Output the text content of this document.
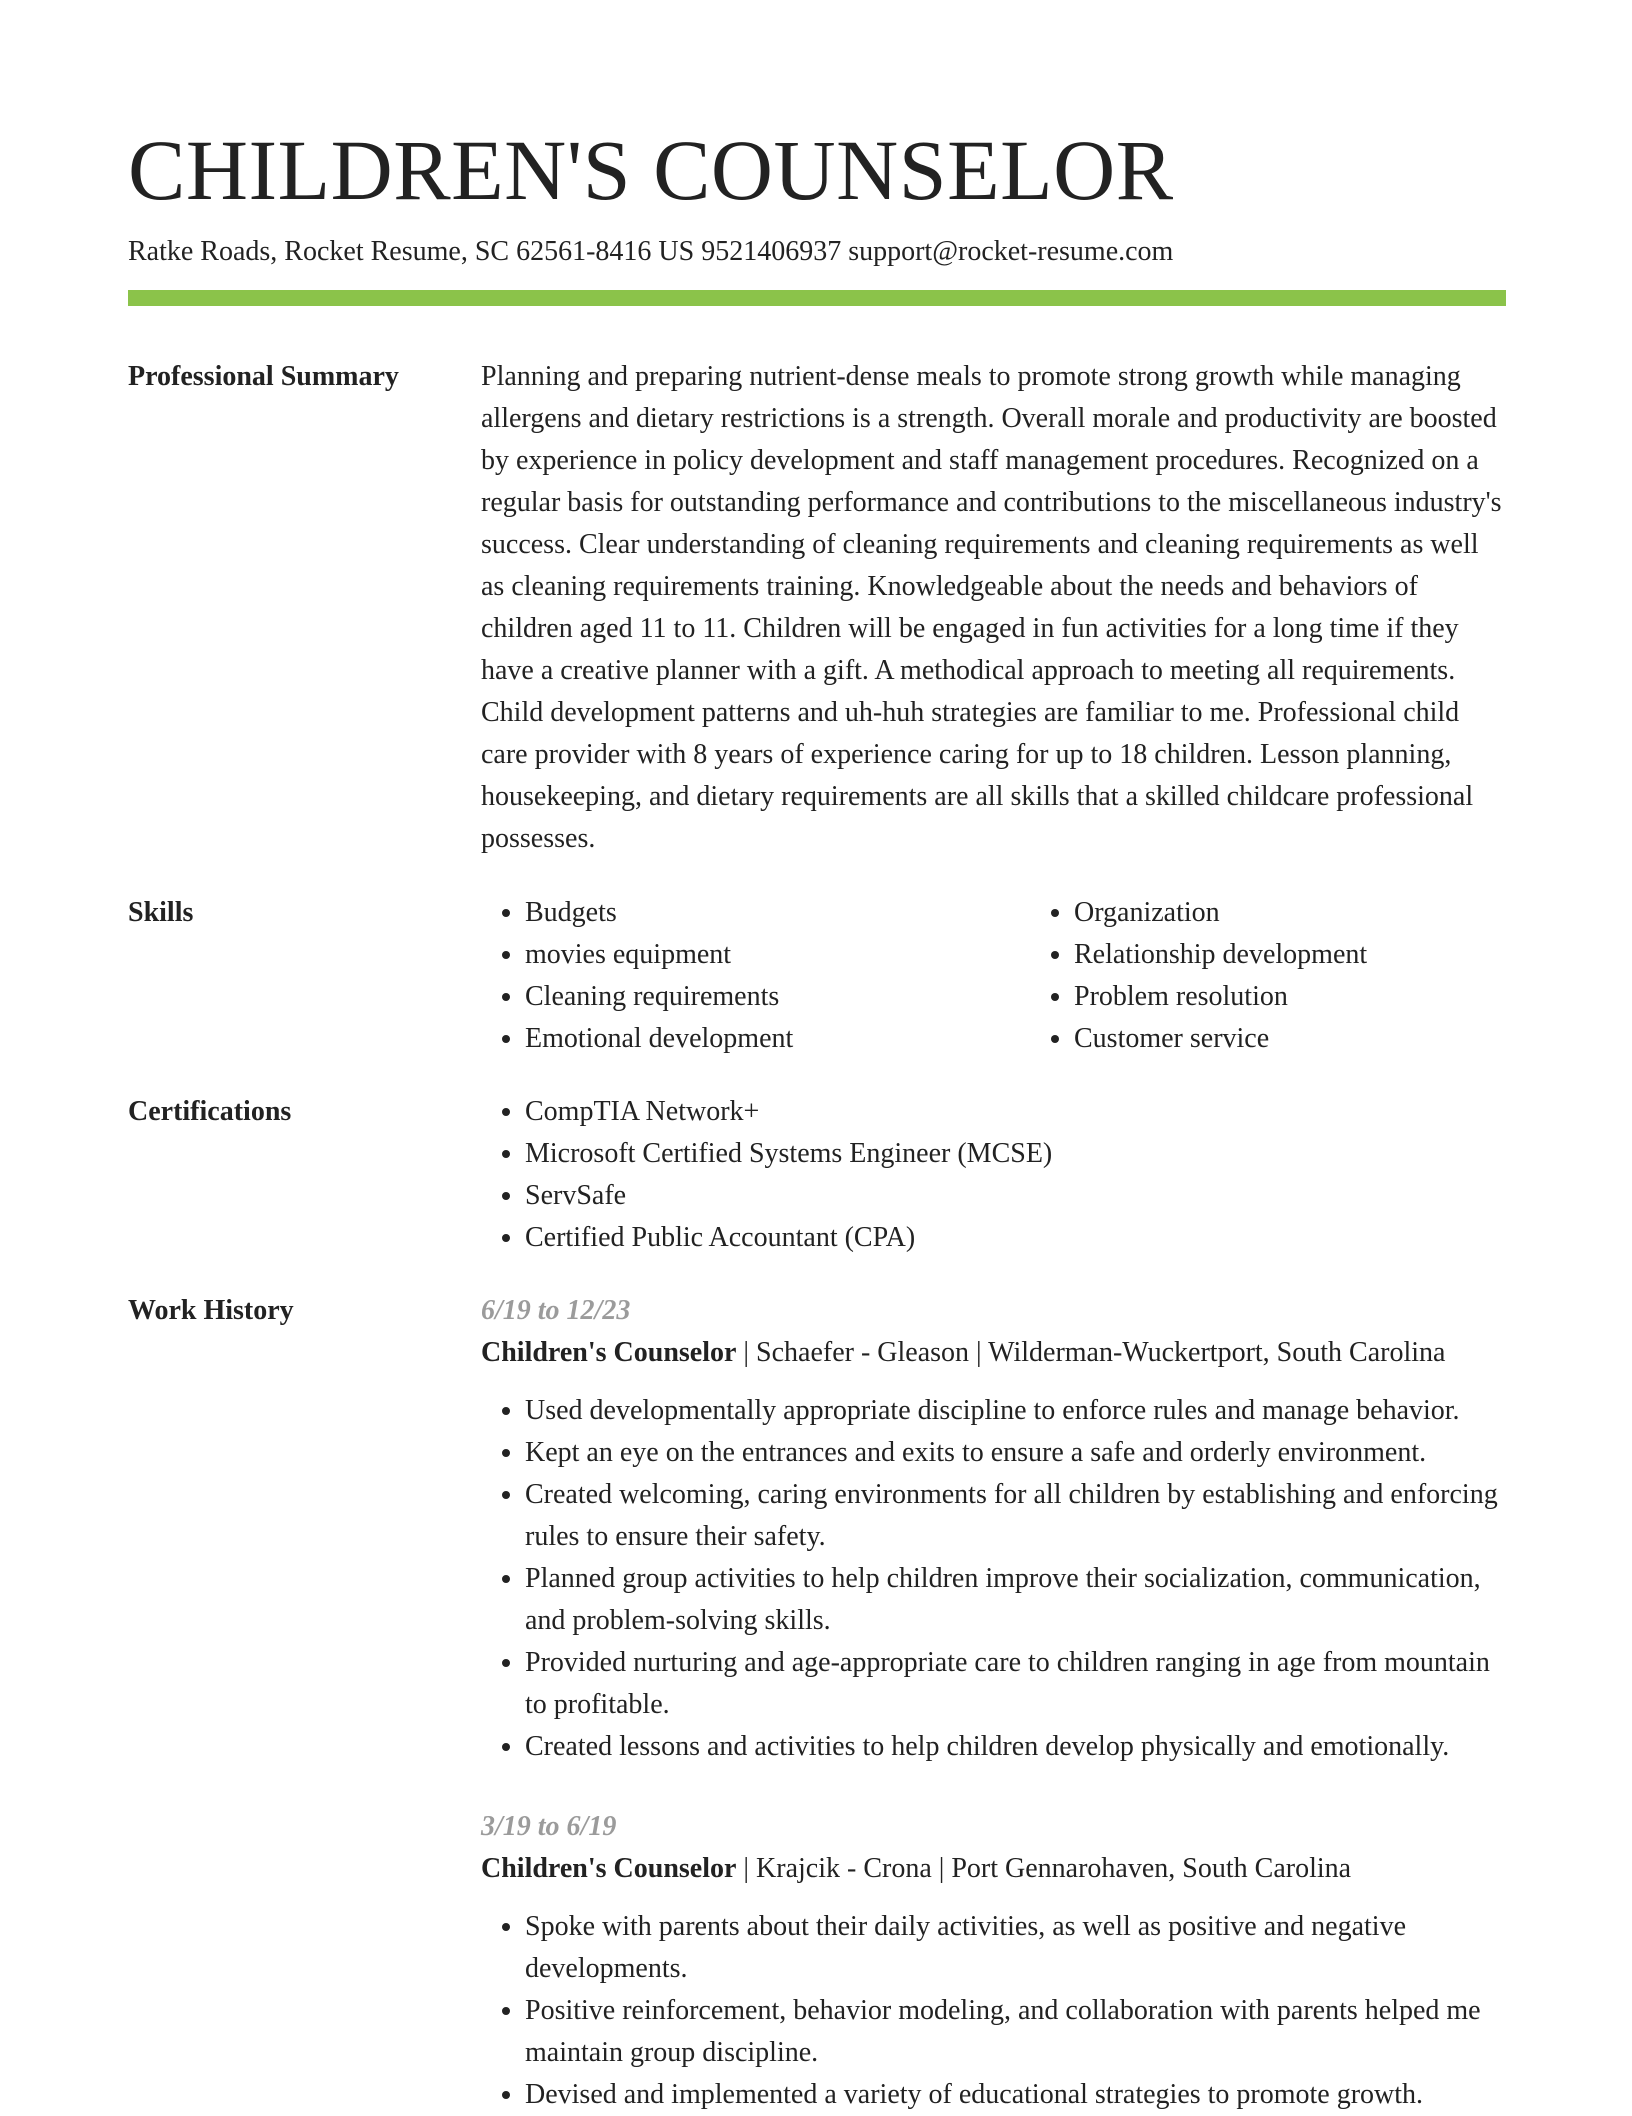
CHILDREN'S COUNSELOR
Ratke Roads, Rocket Resume, SC 62561-8416 US 9521406937 support@rocket-resume.com
Professional Summary	Planning and preparing nutrient-dense meals to promote strong growth while managing allergens and dietary restrictions is a strength. Overall morale and productivity are boosted by experience in policy development and staff management procedures. Recognized on a regular basis for outstanding performance and contributions to the miscellaneous industry's success. Clear understanding of cleaning requirements and cleaning requirements as well as cleaning requirements training. Knowledgeable about the needs and behaviors of children aged 11 to 11. Children will be engaged in fun activities for a long time if they have a creative planner with a gift. A methodical approach to meeting all requirements. Child development patterns and uh-huh strategies are familiar to me. Professional child care provider with 8 years of experience caring for up to 18 children. Lesson planning, housekeeping, and dietary requirements are all skills that a skilled childcare professional possesses.

Skills	• Budgets
• movies equipment
• Cleaning requirements
• Emotional development
• Organization
• Relationship development
• Problem resolution
• Customer service
Certifications	• CompTIA Network+
• Microsoft Certified Systems Engineer (MCSE)
• ServSafe
• Certified Public Accountant (CPA)
Work History	6/19 to 12/23
Children's Counselor | Schaefer - Gleason | Wilderman-Wuckertport, South Carolina
• Used developmentally appropriate discipline to enforce rules and manage behavior.
• Kept an eye on the entrances and exits to ensure a safe and orderly environment.
• Created welcoming, caring environments for all children by establishing and enforcing rules to ensure their safety.
• Planned group activities to help children improve their socialization, communication, and problem-solving skills.
• Provided nurturing and age-appropriate care to children ranging in age from mountain to profitable.
• Created lessons and activities to help children develop physically and emotionally.
3/19 to 6/19
Children's Counselor | Krajcik - Crona | Port Gennarohaven, South Carolina
• Spoke with parents about their daily activities, as well as positive and negative developments.
• Positive reinforcement, behavior modeling, and collaboration with parents helped me maintain group discipline.
• Devised and implemented a variety of educational strategies to promote growth.
